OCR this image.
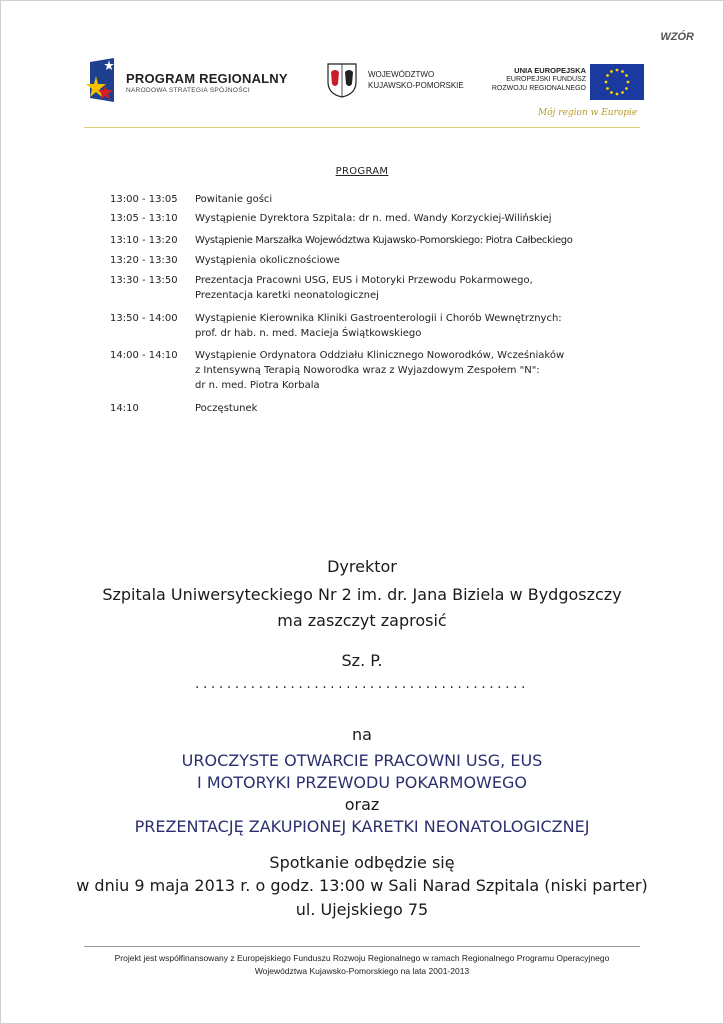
WZÓR
PROGRAM REGIONALNY
NARODOWA STRATEGIA SPÓJNOŚCI
WOJEWÓDZTWO
KUJAWSKO-POMORSKIE
UNIA EUROPEJSKA
EUROPEJSKI FUNDUSZ
ROZWOJU REGIONALNEGO
Mój region w Europie
PROGRAM
13:00 - 13:05	Powitanie gości
13:05 - 13:10	Wystąpienie Dyrektora Szpitala: dr n. med. Wandy Korzyckiej-Wilińskiej
13:10 - 13:20	Wystąpienie Marszałka Województwa Kujawsko-Pomorskiego: Piotra Całbeckiego
13:20 - 13:30	Wystąpienia okolicznościowe
13:30 - 13:50	Prezentacja Pracowni USG, EUS i Motoryki Przewodu Pokarmowego,
Prezentacja karetki neonatologicznej
13:50 - 14:00	Wystąpienie Kierownika Kliniki Gastroenterologii i Chorób Wewnętrznych:
prof. dr hab. n. med. Macieja Świątkowskiego
14:00 - 14:10	Wystąpienie Ordynatora Oddziału Klinicznego Noworodków, Wcześniaków
z Intensywną Terapią Noworodka wraz z Wyjazdowym Zespołem "N":
dr n. med. Piotra Korbala
14:10	Poczęstunek
Dyrektor
Szpitala Uniwersyteckiego Nr 2 im. dr. Jana Biziela w Bydgoszczy
ma zaszczyt zaprosić
Sz. P.
..........................................
na
UROCZYSTE OTWARCIE PRACOWNI USG, EUS
I MOTORYKI PRZEWODU POKARMOWEGO
oraz
PREZENTACJĘ ZAKUPIONEJ KARETKI NEONATOLOGICZNEJ
Spotkanie odbędzie się
w dniu 9 maja 2013 r. o godz. 13:00 w Sali Narad Szpitala (niski parter)
ul. Ujejskiego 75
Projekt jest współfinansowany z Europejskiego Funduszu Rozwoju Regionalnego w ramach Regionalnego Programu Operacyjnego
Województwa Kujawsko-Pomorskiego na lata 2001-2013
